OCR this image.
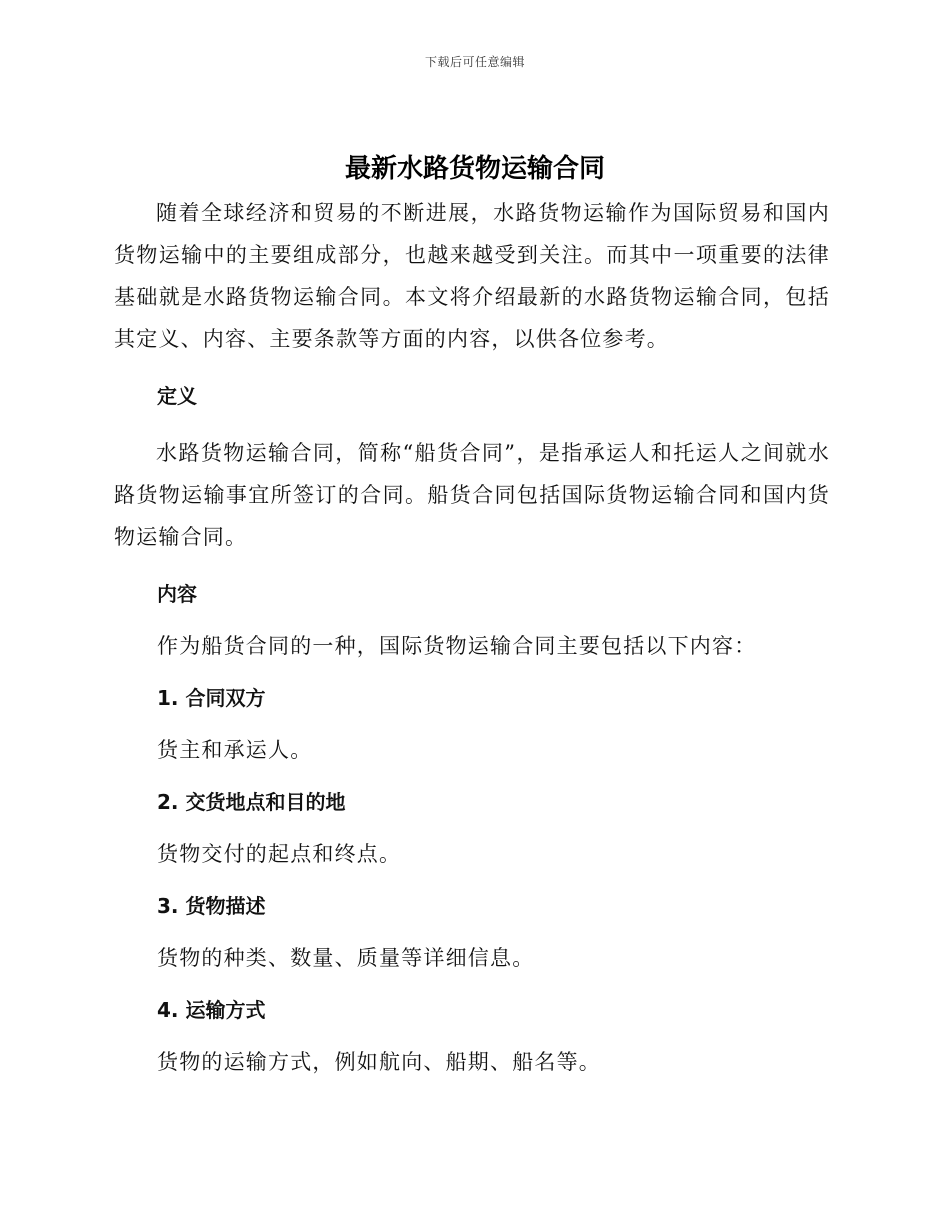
下载后可任意编辑
最新水路货物运输合同

随着全球经济和贸易的不断进展，水路货物运输作为国际贸易和国内货物运输中的主要组成部分，也越来越受到关注。而其中一项重要的法律基础就是水路货物运输合同。本文将介绍最新的水路货物运输合同，包括其定义、内容、主要条款等方面的内容，以供各位参考。

定义

水路货物运输合同，简称“船货合同”，是指承运人和托运人之间就水路货物运输事宜所签订的合同。船货合同包括国际货物运输合同和国内货物运输合同。

内容

作为船货合同的一种，国际货物运输合同主要包括以下内容：

1. 合同双方

货主和承运人。

2. 交货地点和目的地

货物交付的起点和终点。

3. 货物描述

货物的种类、数量、质量等详细信息。

4. 运输方式

货物的运输方式，例如航向、船期、船名等。
